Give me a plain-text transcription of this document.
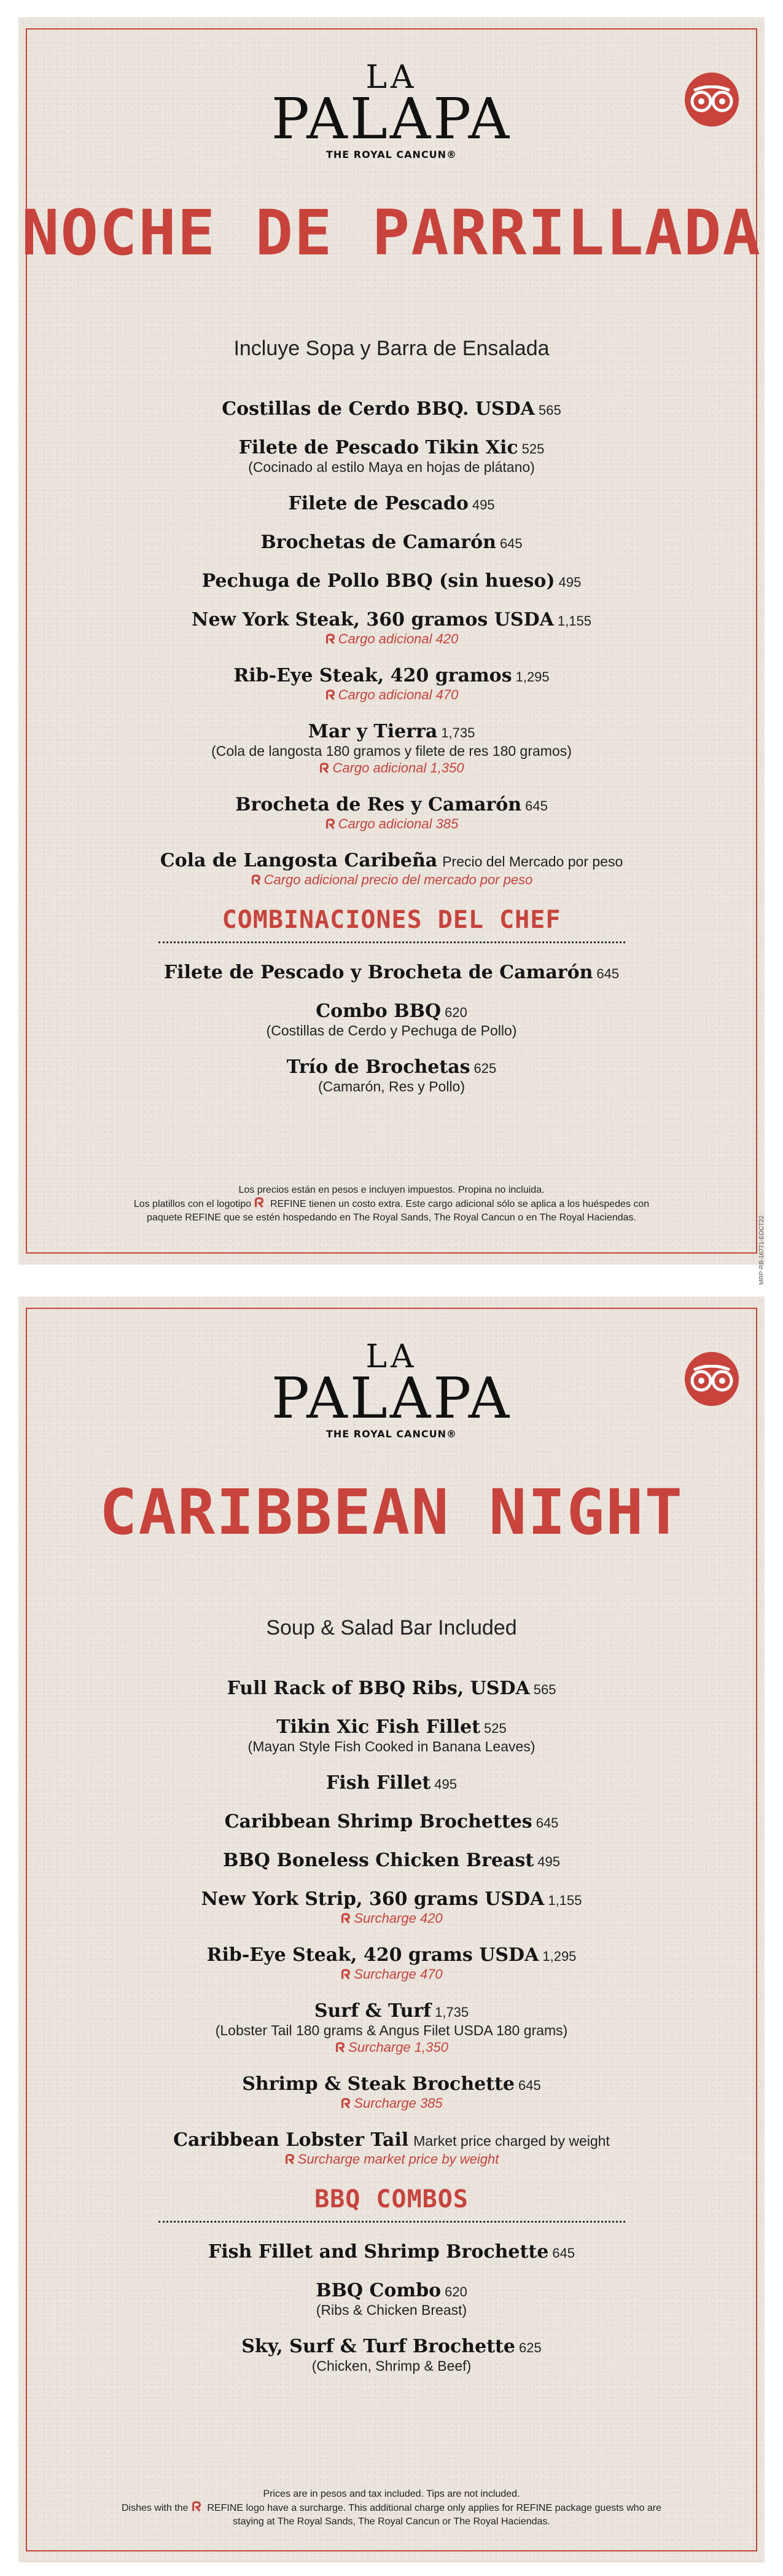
LA
PALAPA
THE ROYAL CANCUN®
NOCHE DE PARRILLADA
Incluye Sopa y Barra de Ensalada
Costillas de Cerdo BBQ. USDA 565
Filete de Pescado Tikin Xic 525
(Cocinado al estilo Maya en hojas de plátano)
Filete de Pescado 495
Brochetas de Camarón 645
Pechuga de Pollo BBQ (sin hueso) 495
New York Steak, 360 gramos USDA 1,155
Cargo adicional 420
Rib-Eye Steak, 420 gramos 1,295
Cargo adicional 470
Mar y Tierra 1,735
(Cola de langosta 180 gramos y filete de res 180 gramos)
Cargo adicional 1,350
Brocheta de Res y Camarón 645
Cargo adicional 385
Cola de Langosta Caribeña Precio del Mercado por peso
Cargo adicional precio del mercado por peso
COMBINACIONES DEL CHEF
Filete de Pescado y Brocheta de Camarón 645
Combo BBQ 620
(Costillas de Cerdo y Pechuga de Pollo)
Trío de Brochetas 625
(Camarón, Res y Pollo)
Los precios están en pesos e incluyen impuestos. Propina no incluida.
Los platillos con el logotipo REFINE tienen un costo extra. Este cargo adicional sólo se aplica a los huéspedes con
paquete REFINE que se estén hospedando en The Royal Sands, The Royal Cancun o en The Royal Haciendas.	MRP-RB-16771-EOCT22
LA
PALAPA
THE ROYAL CANCUN®
CARIBBEAN NIGHT
Soup & Salad Bar Included
Full Rack of BBQ Ribs, USDA 565
Tikin Xic Fish Fillet 525
(Mayan Style Fish Cooked in Banana Leaves)
Fish Fillet 495
Caribbean Shrimp Brochettes 645
BBQ Boneless Chicken Breast 495
New York Strip, 360 grams USDA 1,155
Surcharge 420
Rib-Eye Steak, 420 grams USDA 1,295
Surcharge 470
Surf & Turf 1,735
(Lobster Tail 180 grams & Angus Filet USDA 180 grams)
Surcharge 1,350
Shrimp & Steak Brochette 645
Surcharge 385
Caribbean Lobster Tail Market price charged by weight
Surcharge market price by weight
BBQ COMBOS
Fish Fillet and Shrimp Brochette 645
BBQ Combo 620
(Ribs & Chicken Breast)
Sky, Surf & Turf Brochette 625
(Chicken, Shrimp & Beef)
Prices are in pesos and tax included. Tips are not included.
Dishes with the REFINE logo have a surcharge. This additional charge only applies for REFINE package guests who are
staying at The Royal Sands, The Royal Cancun or The Royal Haciendas.
